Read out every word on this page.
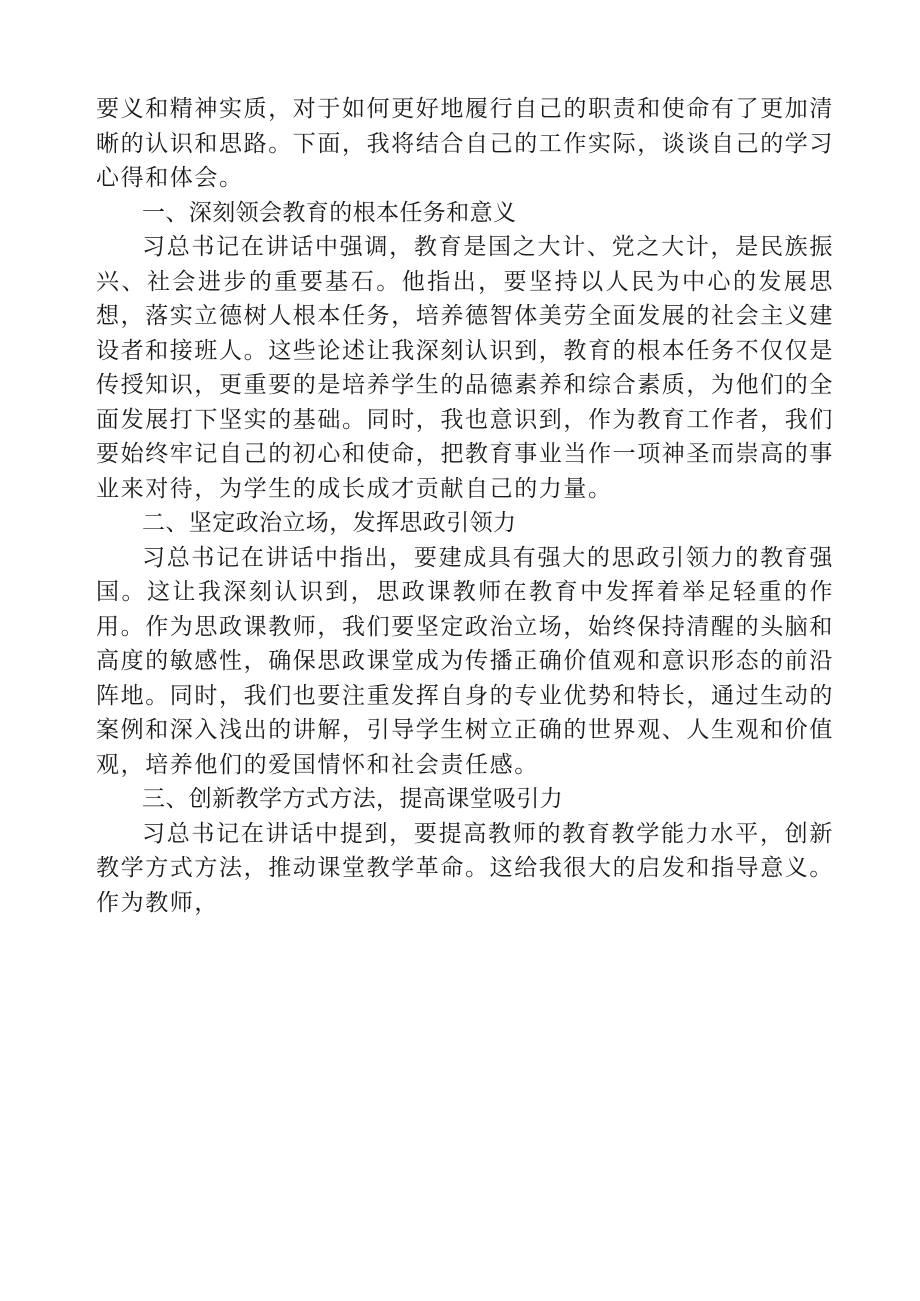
要义和精神实质，对于如何更好地履行自己的职责和使命有了更加清晰的认识和思路。下面，我将结合自己的工作实际，谈谈自己的学习心得和体会。

一、深刻领会教育的根本任务和意义

习总书记在讲话中强调，教育是国之大计、党之大计，是民族振兴、社会进步的重要基石。他指出，要坚持以人民为中心的发展思想，落实立德树人根本任务，培养德智体美劳全面发展的社会主义建设者和接班人。这些论述让我深刻认识到，教育的根本任务不仅仅是传授知识，更重要的是培养学生的品德素养和综合素质，为他们的全面发展打下坚实的基础。同时，我也意识到，作为教育工作者，我们要始终牢记自己的初心和使命，把教育事业当作一项神圣而崇高的事业来对待，为学生的成长成才贡献自己的力量。

二、坚定政治立场，发挥思政引领力

习总书记在讲话中指出，要建成具有强大的思政引领力的教育强国。这让我深刻认识到，思政课教师在教育中发挥着举足轻重的作用。作为思政课教师，我们要坚定政治立场，始终保持清醒的头脑和高度的敏感性，确保思政课堂成为传播正确价值观和意识形态的前沿阵地。同时，我们也要注重发挥自身的专业优势和特长，通过生动的案例和深入浅出的讲解，引导学生树立正确的世界观、人生观和价值观，培养他们的爱国情怀和社会责任感。

三、创新教学方式方法，提高课堂吸引力

习总书记在讲话中提到，要提高教师的教育教学能力水平，创新教学方式方法，推动课堂教学革命。这给我很大的启发和指导意义。作为教师，
